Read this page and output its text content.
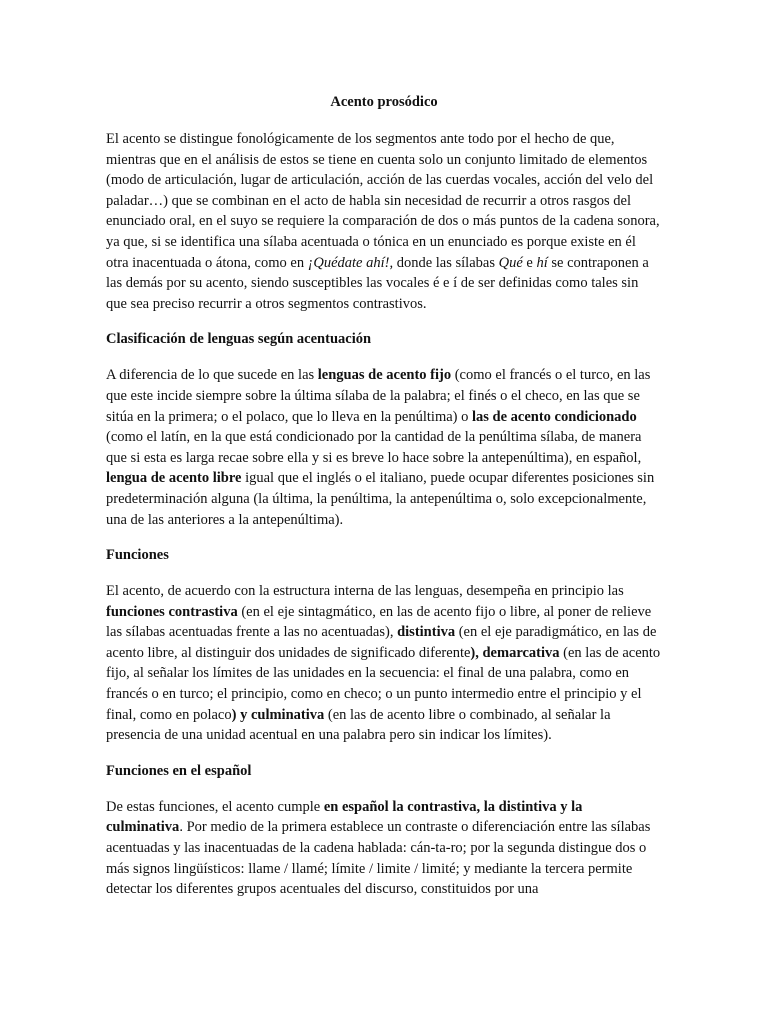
Acento prosódico

El acento se distingue fonológicamente de los segmentos ante todo por el hecho de que, mientras que en el análisis de estos se tiene en cuenta solo un conjunto limitado de elementos (modo de articulación, lugar de articulación, acción de las cuerdas vocales, acción del velo del paladar…) que se combinan en el acto de habla sin necesidad de recurrir a otros rasgos del enunciado oral, en el suyo se requiere la comparación de dos o más puntos de la cadena sonora, ya que, si se identifica una sílaba acentuada o tónica en un enunciado es porque existe en él otra inacentuada o átona, como en ¡Quédate ahí!, donde las sílabas Qué e hí se contraponen a las demás por su acento, siendo susceptibles las vocales é e í de ser definidas como tales sin que sea preciso recurrir a otros segmentos contrastivos.

Clasificación de lenguas según acentuación

A diferencia de lo que sucede en las lenguas de acento fijo (como el francés o el turco, en las que este incide siempre sobre la última sílaba de la palabra; el finés o el checo, en las que se sitúa en la primera; o el polaco, que lo lleva en la penúltima) o las de acento condicionado (como el latín, en la que está condicionado por la cantidad de la penúltima sílaba, de manera que si esta es larga recae sobre ella y si es breve lo hace sobre la antepenúltima), en español, lengua de acento libre igual que el inglés o el italiano, puede ocupar diferentes posiciones sin predeterminación alguna (la última, la penúltima, la antepenúltima o, solo excepcionalmente, una de las anteriores a la antepenúltima).

Funciones

El acento, de acuerdo con la estructura interna de las lenguas, desempeña en principio las funciones contrastiva (en el eje sintagmático, en las de acento fijo o libre, al poner de relieve las sílabas acentuadas frente a las no acentuadas), distintiva (en el eje paradigmático, en las de acento libre, al distinguir dos unidades de significado diferente), demarcativa (en las de acento fijo, al señalar los límites de las unidades en la secuencia: el final de una palabra, como en francés o en turco; el principio, como en checo; o un punto intermedio entre el principio y el final, como en polaco) y culminativa (en las de acento libre o combinado, al señalar la presencia de una unidad acentual en una palabra pero sin indicar los límites).

Funciones en el español

De estas funciones, el acento cumple en español la contrastiva, la distintiva y la culminativa. Por medio de la primera establece un contraste o diferenciación entre las sílabas acentuadas y las inacentuadas de la cadena hablada: cán-ta-ro; por la segunda distingue dos o más signos lingüísticos: llame / llamé; límite / limite / limité; y mediante la tercera permite detectar los diferentes grupos acentuales del discurso, constituidos por una
